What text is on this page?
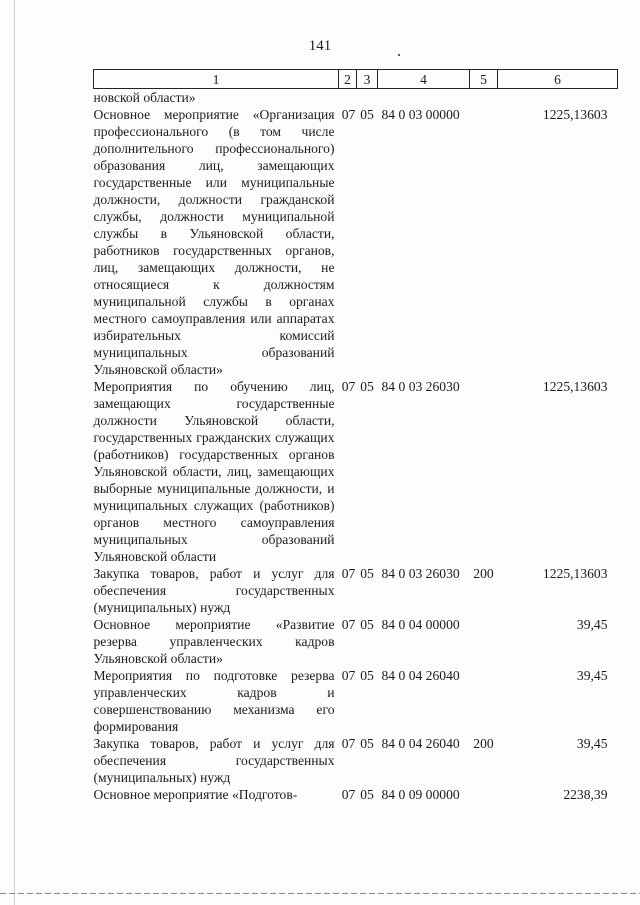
141
1	2	3	4	5	6
новской области»					
Основное мероприятие «Организация профессионального (в том числе дополнительного профессионального) образования лиц, замещающих государственные или муниципальные должности, должности гражданской службы, должности муниципальной службы в Ульяновской области, работников государственных органов, лиц, замещающих должности, не относящиеся к должностям муниципальной службы в органах местного самоуправления или аппаратах избирательных комиссий муниципальных образований Ульяновской области»	07	05	84 0 03 00000		1225,13603
Мероприятия по обучению лиц, замещающих государственные должности Ульяновской области, государственных гражданских служащих (работников) государственных органов Ульяновской области, лиц, замещающих выборные муниципальные должности, и муниципальных служащих (работников) органов местного самоуправления муниципальных образований Ульяновской области	07	05	84 0 03 26030		1225,13603
Закупка товаров, работ и услуг для обеспечения государственных (муниципальных) нужд	07	05	84 0 03 26030	200	1225,13603
Основное мероприятие «Развитие резерва управленческих кадров Ульяновской области»	07	05	84 0 04 00000		39,45
Мероприятия по подготовке резерва управленческих кадров и совершенствованию механизма его формирования	07	05	84 0 04 26040		39,45
Закупка товаров, работ и услуг для обеспечения государственных (муниципальных) нужд	07	05	84 0 04 26040	200	39,45
Основное мероприятие «Подготов-	07	05	84 0 09 00000		2238,39
